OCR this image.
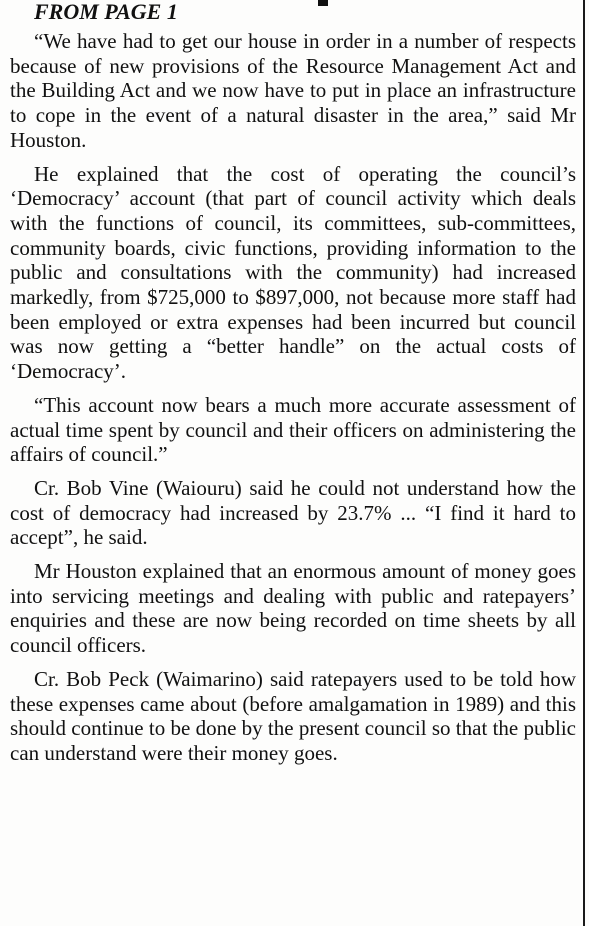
FROM PAGE 1

“We have had to get our house in order in a number of respects because of new provisions of the Resource Management Act and the Building Act and we now have to put in place an infrastructure to cope in the event of a natural disaster in the area,” said Mr Houston.

He explained that the cost of operating the council’s ‘Democracy’ account (that part of council activity which deals with the functions of council, its committees, sub-committees, community boards, civic functions, providing information to the public and consultations with the community) had increased markedly, from $725,000 to $897,000, not because more staff had been employed or extra expenses had been incurred but council was now getting a “better handle” on the actual costs of ‘Democracy’.

“This account now bears a much more accurate assessment of actual time spent by council and their officers on administering the affairs of council.”

Cr. Bob Vine (Waiouru) said he could not understand how the cost of democracy had increased by 23.7% ... “I find it hard to accept”, he said.

Mr Houston explained that an enormous amount of money goes into servicing meetings and dealing with public and ratepayers’ enquiries and these are now being recorded on time sheets by all council officers.

Cr. Bob Peck (Waimarino) said ratepayers used to be told how these expenses came about (before amalgamation in 1989) and this should continue to be done by the present council so that the public can understand were their money goes.
